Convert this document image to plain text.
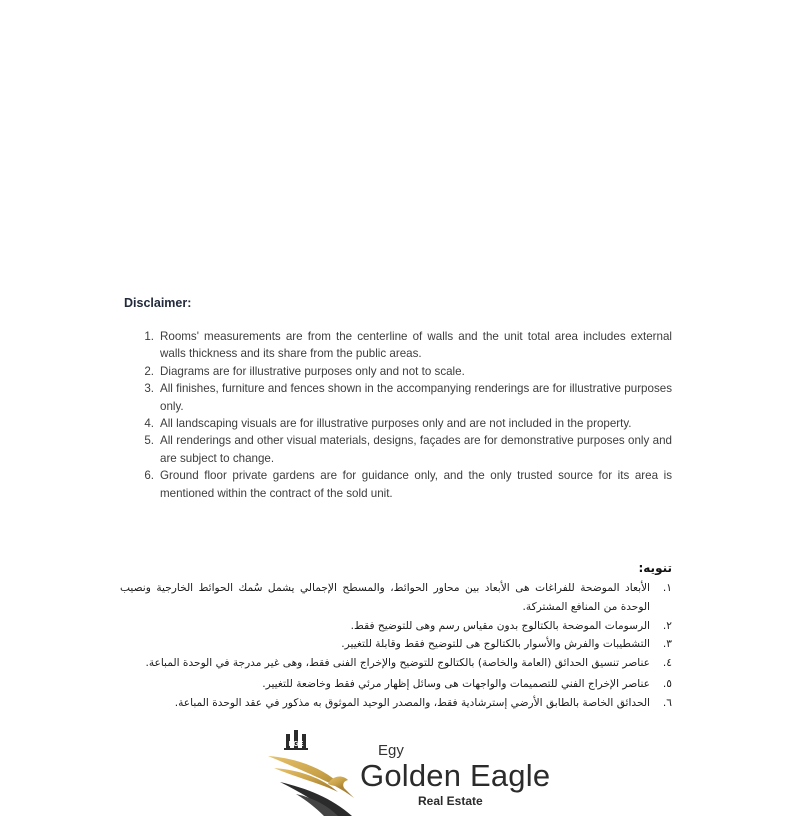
Disclaimer:
1. Rooms' measurements are from the centerline of walls and the unit total area includes external walls thickness and its share from the public areas.
2. Diagrams are for illustrative purposes only and not to scale.
3. All finishes, furniture and fences shown in the accompanying renderings are for illustrative purposes only.
4. All landscaping visuals are for illustrative purposes only and are not included in the property.
5. All renderings and other visual materials, designs, façades are for demonstrative purposes only and are subject to change.
6. Ground floor private gardens are for guidance only, and the only trusted source for its area is mentioned within the contract of the sold unit.
تنويه:
١.
الأبعاد الموضحة للفراغات هى الأبعاد بين محاور الحوائط، والمسطح الإجمالي يشمل سُمك الحوائط الخارجية ونصيب الوحدة من المنافع المشتركة.
٢.
الرسومات الموضحة بالكتالوج بدون مقياس رسم وهى للتوضيح فقط.
٣.
التشطيبات والفرش والأسوار بالكتالوج هى للتوضيح فقط وقابلة للتغيير.
٤.
عناصر تنسيق الحدائق (العامة والخاصة) بالكتالوج للتوضيح والإخراج الفنى فقط، وهى غير مدرجة في الوحدة المباعة.
٥.
عناصر الإخراج الفني للتصميمات والواجهات هى وسائل إظهار مرئي فقط وخاضعة للتغيير.
٦.
الحدائق الخاصة بالطابق الأرضي إسترشادية فقط، والمصدر الوحيد الموثوق به مذكور في عقد الوحدة المباعة.
EGE	Egy
Golden Eagle
Real Estate
